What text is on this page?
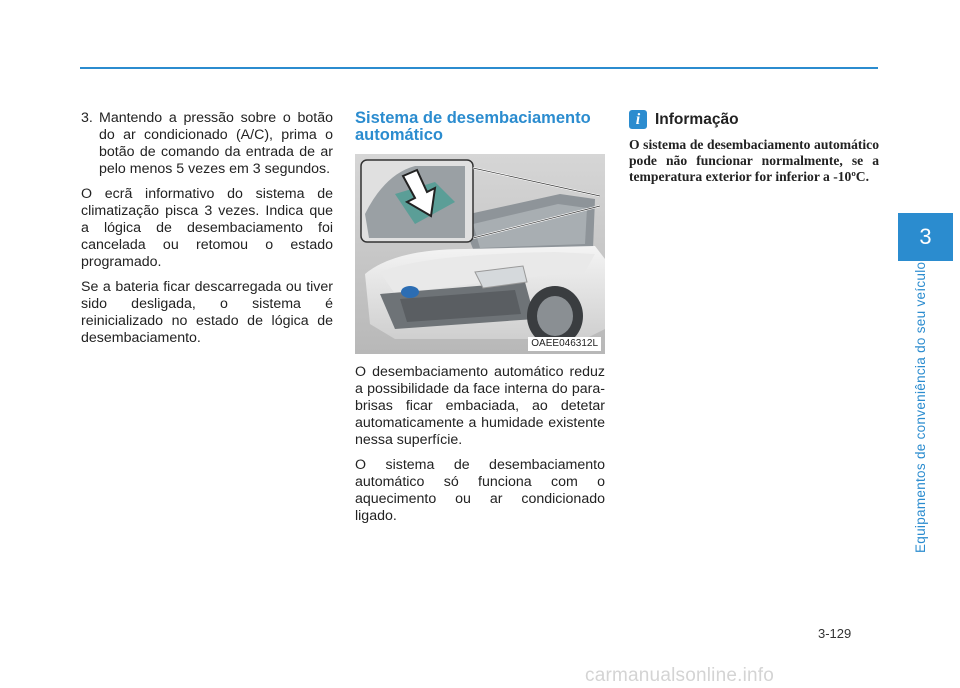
3. Mantendo a pressão sobre o botão do ar condicionado (A/C), prima o botão de comando da entrada de ar pelo menos 5 vezes em 3 segundos.

O ecrã informativo do sistema de climatização pisca 3 vezes. Indica que a lógica de desembaciamento foi cancelada ou retomou o estado programado.

Se a bateria ficar descarregada ou tiver sido desligada, o sistema é reinicializado no estado de lógica de desembaciamento.

Sistema de desembaciamento automático
OAEE046312L

O desembaciamento automático reduz a possibilidade da face interna do para-brisas ficar embaciada, ao detetar automaticamente a humidade existente nessa superfície.

O sistema de desembaciamento automático só funciona com o aquecimento ou ar condicionado ligado.

i Informação

O sistema de desembaciamento automático pode não funcionar normalmente, se a temperatura exterior for inferior a -10ºC.

3
Equipamentos de conveniência do seu veículo
3-129
carmanualsonline.info
